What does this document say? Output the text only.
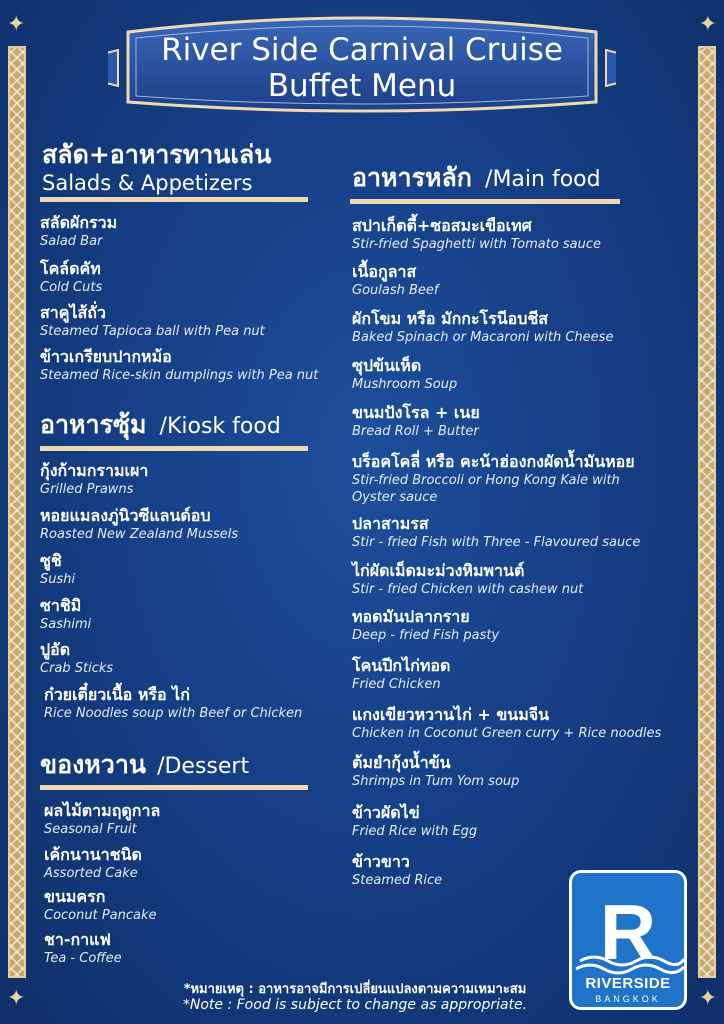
✦	✦
✦	✦
River Side Carnival Cruise
Buffet Menu
สลัด+อาหารทานเล่น
Salads & Appetizers
สลัดผักรวม
Salad Bar
โคล์ดคัท
Cold Cuts
สาคูไส้ถั่ว
Steamed Tapioca ball with Pea nut
ข้าวเกรียบปากหม้อ
Steamed Rice-skin dumplings with Pea nut
อาหารซุ้ม /Kiosk food
กุ้งก้ามกรามเผา
Grilled Prawns
หอยแมลงภู่นิวซีแลนด์อบ
Roasted New Zealand Mussels
ซูชิ
Sushi
ซาชิมิ
Sashimi
ปูอัด
Crab Sticks
ก๋วยเตี๋ยวเนื้อ หรือ ไก่
Rice Noodles soup with Beef or Chicken
ของหวาน /Dessert
ผลไม้ตามฤดูกาล
Seasonal Fruit
เค้กนานาชนิด
Assorted Cake
ขนมครก
Coconut Pancake
ชา-กาแฟ
Tea - Coffee
อาหารหลัก /Main food
สปาเก็ตตี้+ซอสมะเขือเทศ
Stir-fried Spaghetti with Tomato sauce
เนื้อกูลาส
Goulash Beef
ผักโขม หรือ มักกะโรนีอบชีส
Baked Spinach or Macaroni with Cheese
ซุปข้นเห็ด
Mushroom Soup
ขนมปังโรล + เนย
Bread Roll + Butter
บร็อคโคลี่ หรือ คะน้าฮ่องกงผัดน้ำมันหอย
Stir-fried Broccoli or Hong Kong Kale with
Oyster sauce
ปลาสามรส
Stir - fried Fish with Three - Flavoured sauce
ไก่ผัดเม็ดมะม่วงหิมพานต์
Stir - fried Chicken with cashew nut
ทอดมันปลากราย
Deep - fried Fish pasty
โคนปีกไก่ทอด
Fried Chicken
แกงเขียวหวานไก่ + ขนมจีน
Chicken in Coconut Green curry + Rice noodles
ต้มยำกุ้งน้ำข้น
Shrimps in Tum Yom soup
ข้าวผัดไข่
Fried Rice with Egg
ข้าวขาว
Steamed Rice
R
RIVERSIDE
BANGKOK
*หมายเหตุ : อาหารอาจมีการเปลี่ยนแปลงตามความเหมาะสม
*Note : Food is subject to change as appropriate.
